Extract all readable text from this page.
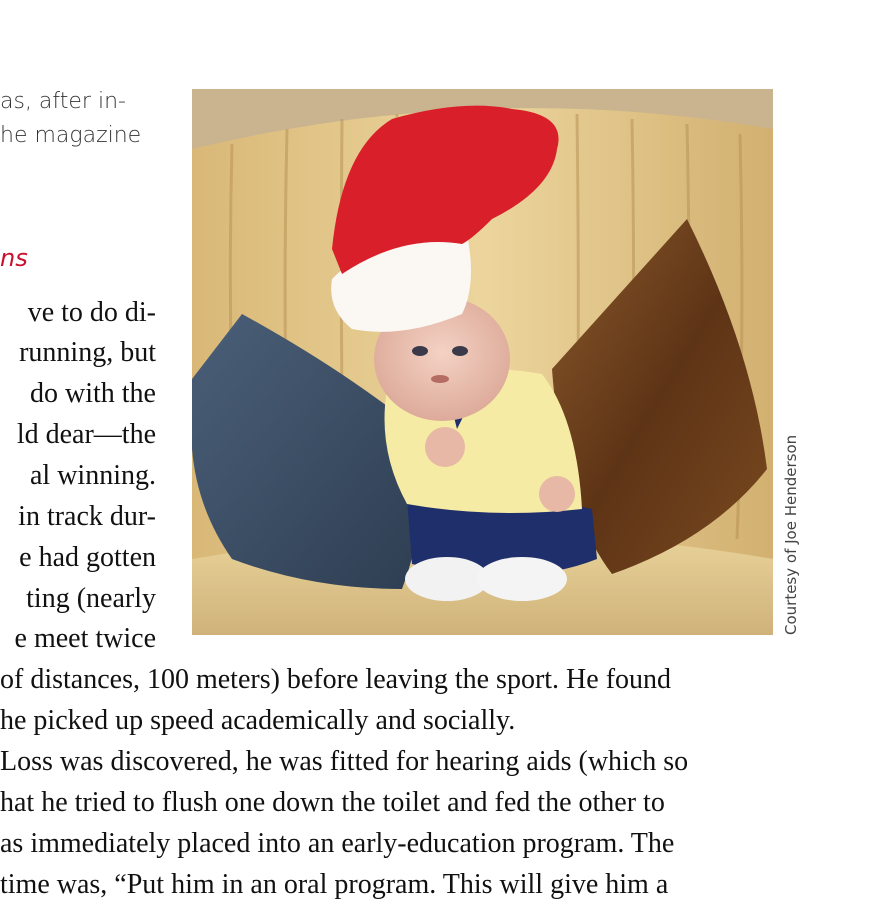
as, after in-
he magazine
ns
ve to do di-
running, but
do with the
ld dear—the
al winning.
in track dur-
e had gotten
ting (nearly
e meet twice
of distances, 100 meters) before leaving the sport. He found
he picked up speed academically and socially.
Loss was discovered, he was fitted for hearing aids (which so
hat he tried to flush one down the toilet and fed the other to
as immediately placed into an early-education program. The
time was, “Put him in an oral program. This will give him a
Courtesy of Joe Henderson
